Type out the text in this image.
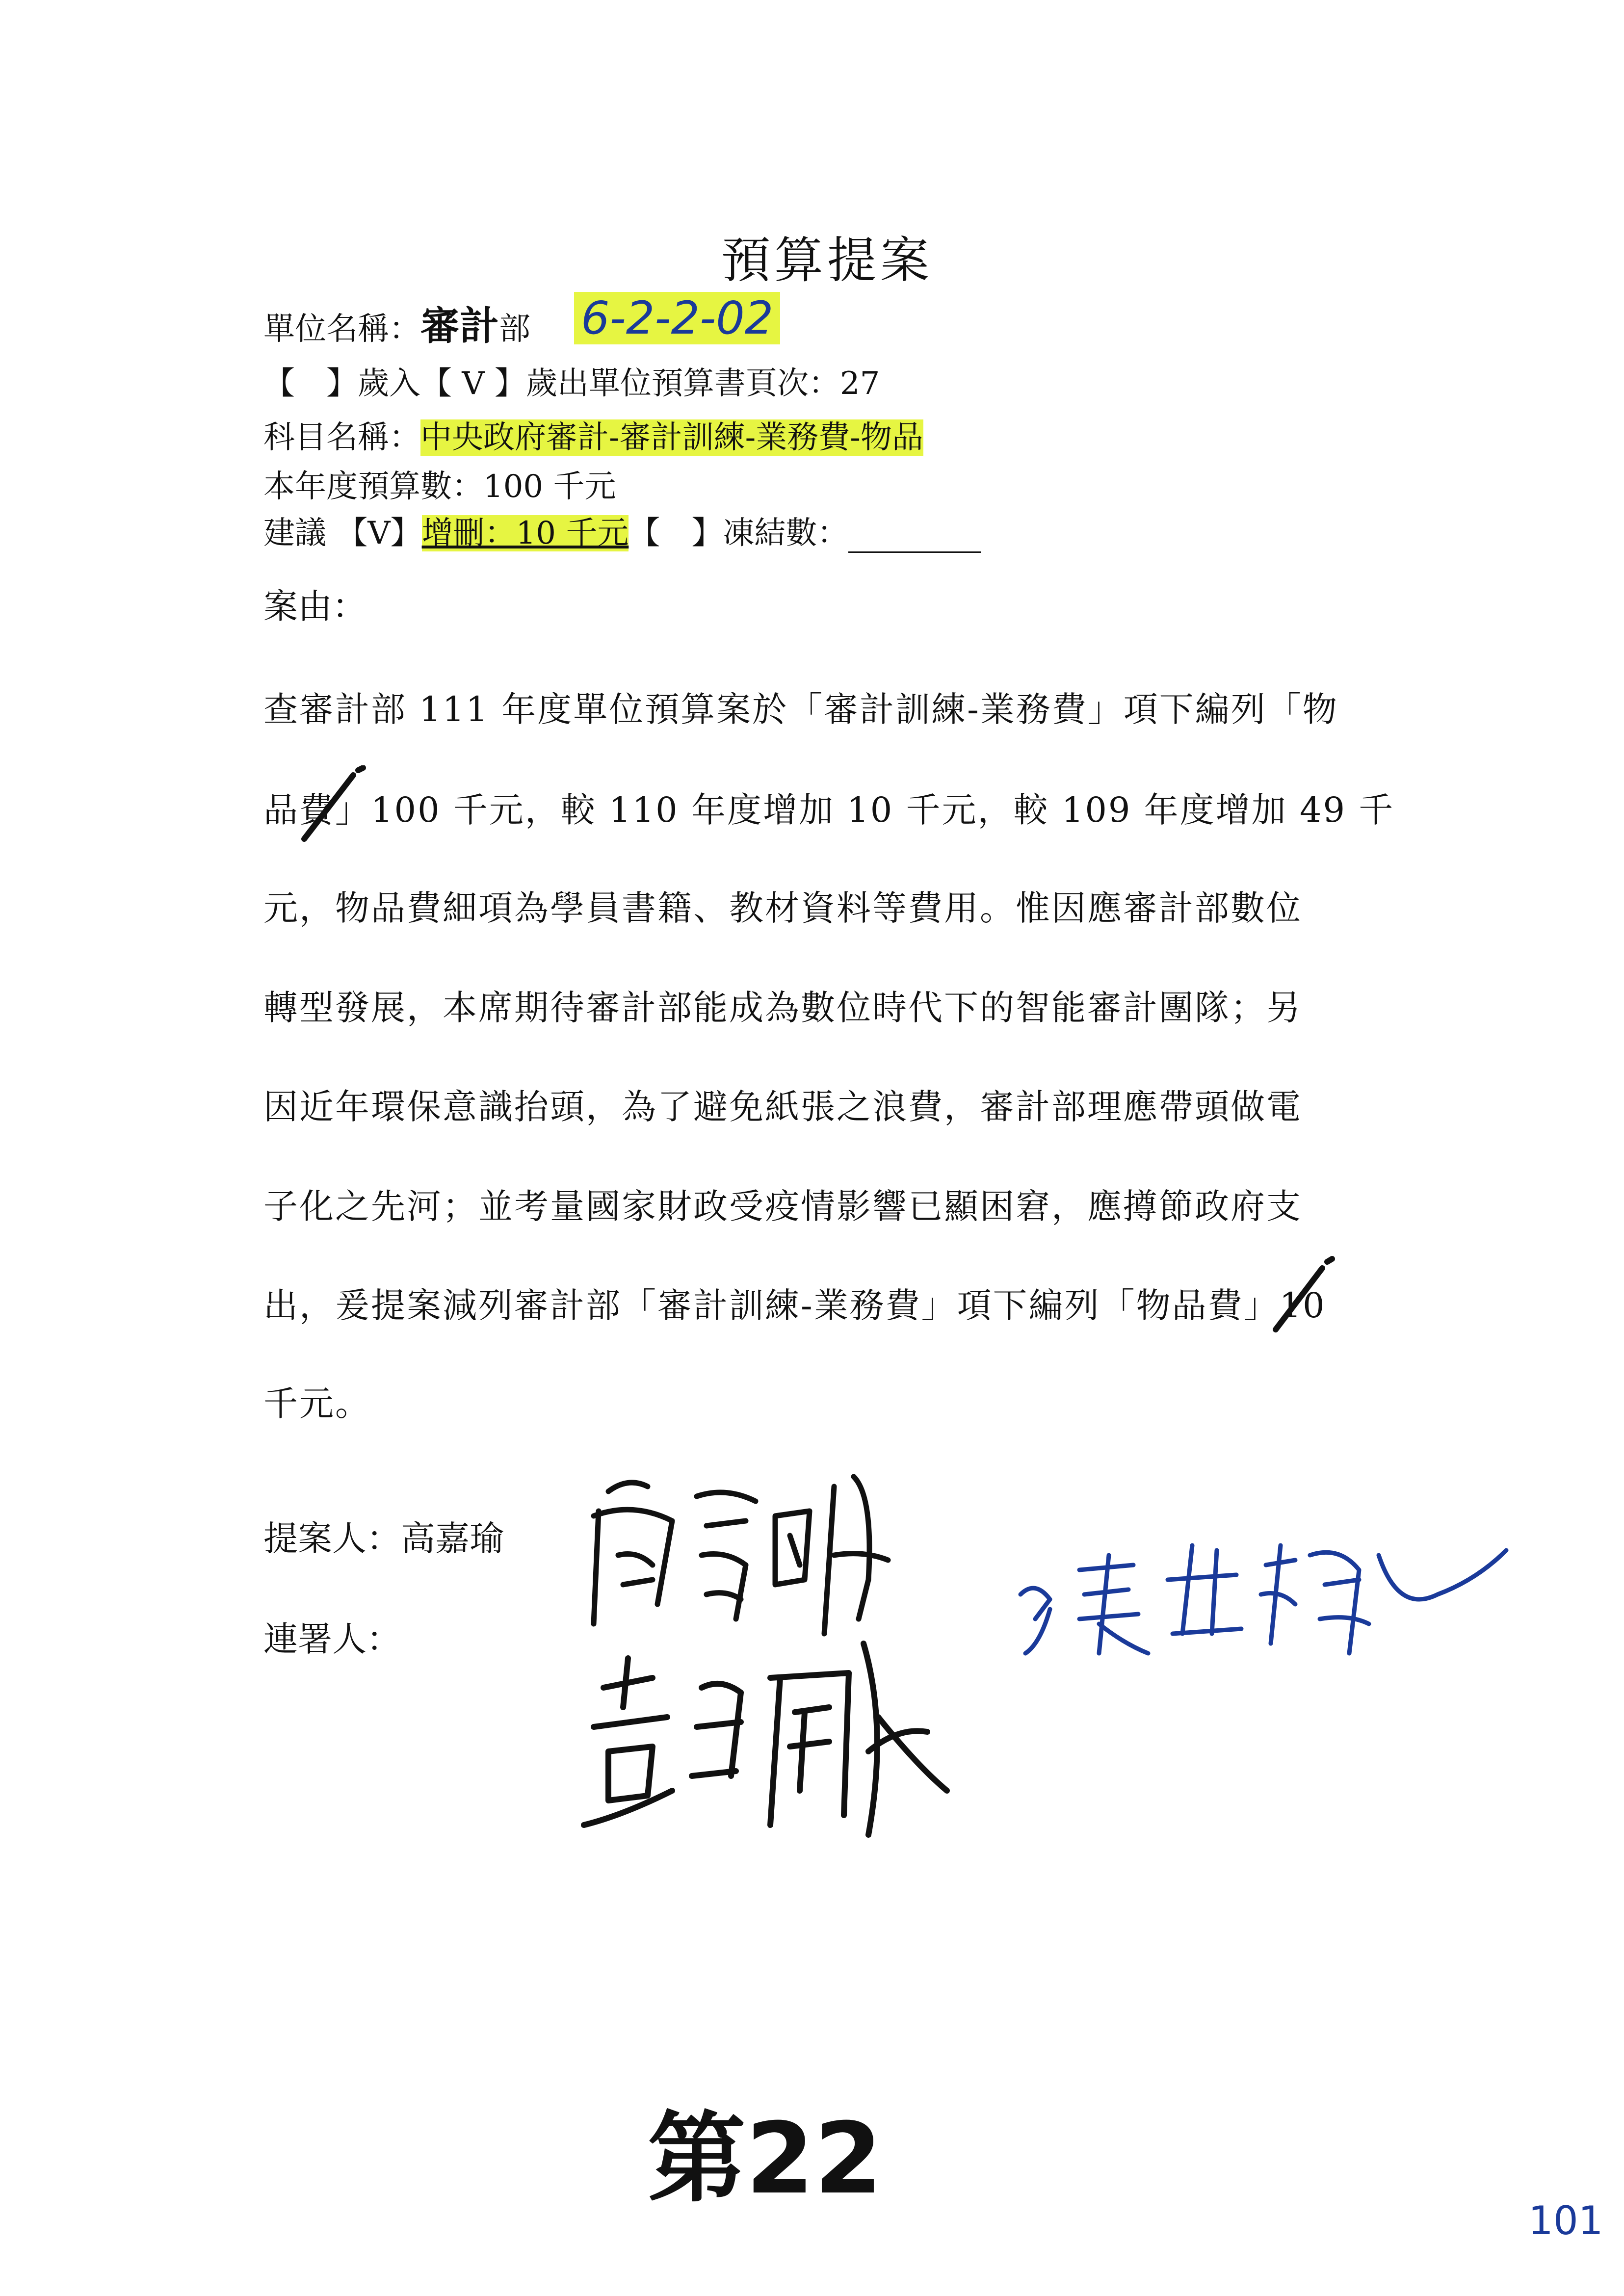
預算提案
單位名稱：審計部 6-2-2-02
【　】歲入【 V 】歲出單位預算書頁次：27
科目名稱：中央政府審計-審計訓練-業務費-物品
本年度預算數：100 千元
建議 【V】增刪：10 千元【　】凍結數：
案由：
查審計部 111 年度單位預算案於「審計訓練-業務費」項下編列「物
品費」100 千元，較 110 年度增加 10 千元，較 109 年度增加 49 千
元，物品費細項為學員書籍、教材資料等費用。惟因應審計部數位
轉型發展，本席期待審計部能成為數位時代下的智能審計團隊；另
因近年環保意識抬頭，為了避免紙張之浪費，審計部理應帶頭做電
子化之先河；並考量國家財政受疫情影響已顯困窘，應撙節政府支
出，爰提案減列審計部「審計訓練-業務費」項下編列「物品費」10
千元。
提案人：高嘉瑜
連署人：
第22
101
